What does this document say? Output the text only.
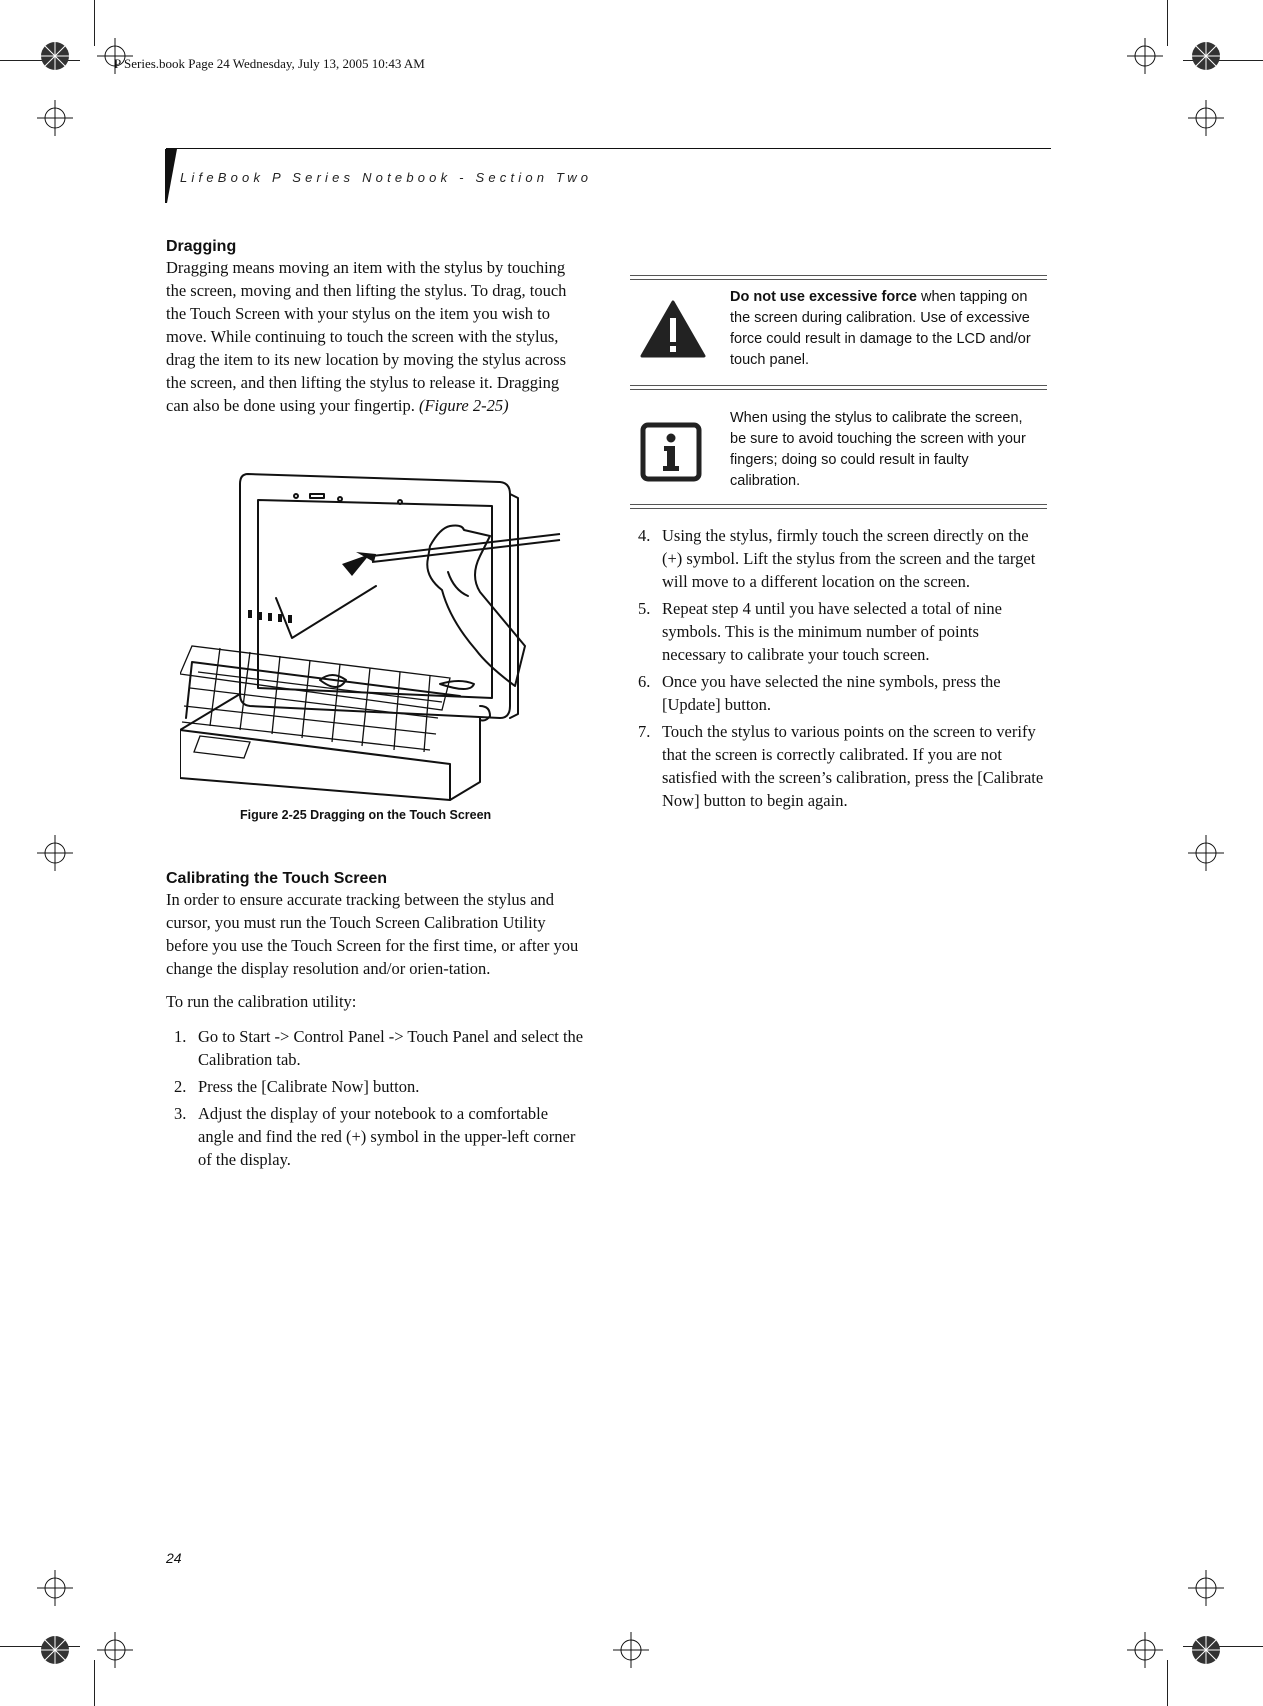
P Series.book Page 24 Wednesday, July 13, 2005 10:43 AM
LifeBook P Series Notebook - Section Two
Dragging

Dragging means moving an item with the stylus by touching the screen, moving and then lifting the stylus. To drag, touch the Touch Screen with your stylus on the item you wish to move. While continuing to touch the screen with the stylus, drag the item to its new location by moving the stylus across the screen, and then lifting the stylus to release it. Dragging can also be done using your fingertip. (Figure 2-25)

Figure 2-25 Dragging on the Touch Screen
Calibrating the Touch Screen

In order to ensure accurate tracking between the stylus and cursor, you must run the Touch Screen Calibration Utility before you use the Touch Screen for the first time, or after you change the display resolution and/or orien-tation.

To run the calibration utility:

1. Go to Start -> Control Panel -> Touch Panel and select the Calibration tab.
2. Press the [Calibrate Now] button.
3. Adjust the display of your notebook to a comfortable angle and find the red (+) symbol in the upper-left corner of the display.
Do not use excessive force when tapping on the screen during calibration. Use of excessive force could result in damage to the LCD and/or touch panel.
When using the stylus to calibrate the screen, be sure to avoid touching the screen with your fingers; doing so could result in faulty calibration.
4. Using the stylus, firmly touch the screen directly on the (+) symbol. Lift the stylus from the screen and the target will move to a different location on the screen.
5. Repeat step 4 until you have selected a total of nine symbols. This is the minimum number of points necessary to calibrate your touch screen.
6. Once you have selected the nine symbols, press the [Update] button.
7. Touch the stylus to various points on the screen to verify that the screen is correctly calibrated. If you are not satisfied with the screen’s calibration, press the [Calibrate Now] button to begin again.
24
